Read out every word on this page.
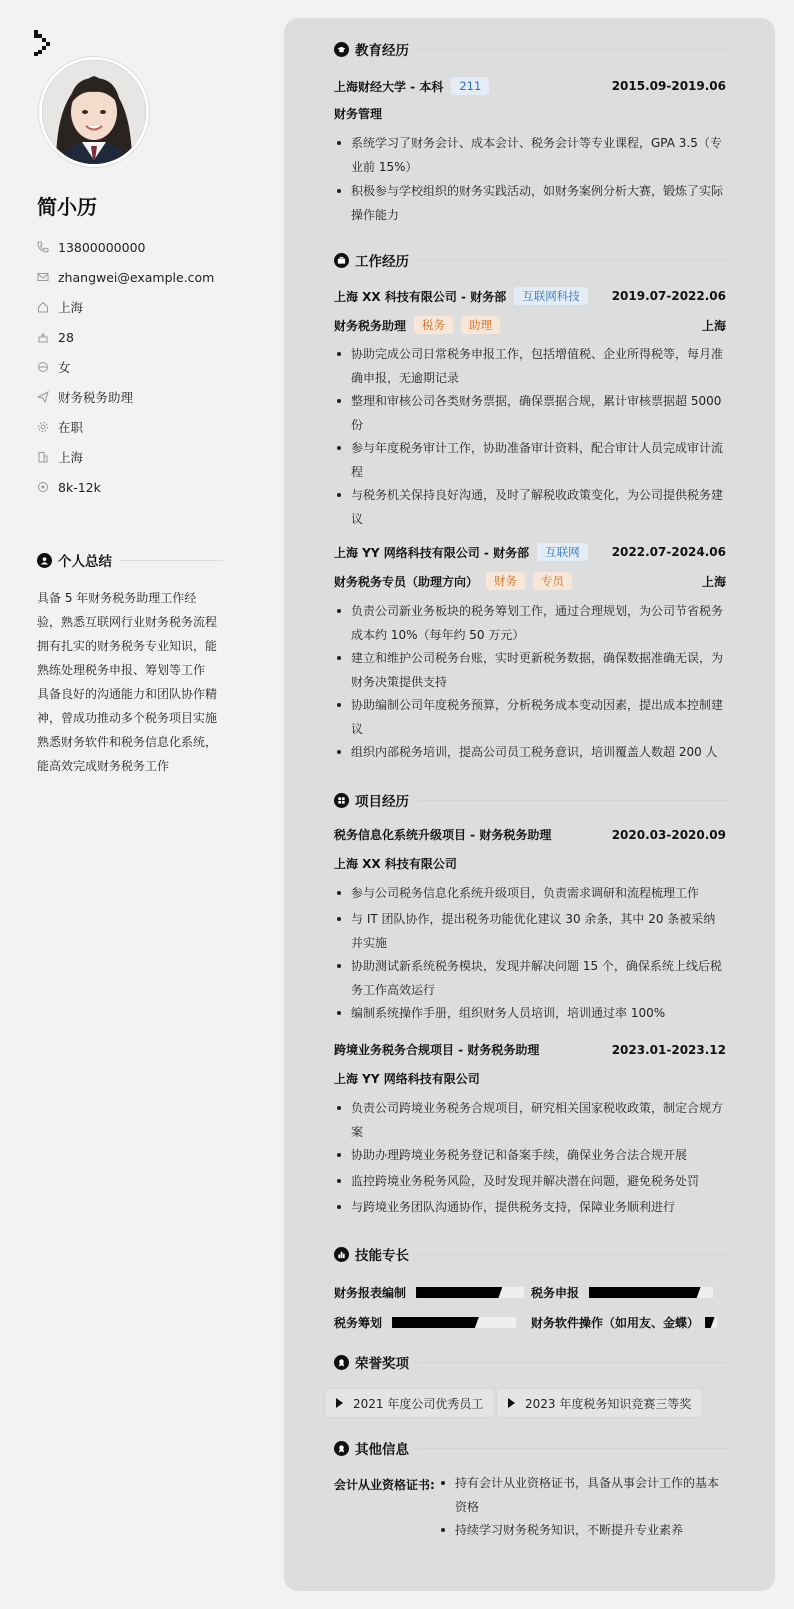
简小历
13800000000
zhangwei@example.com
上海
28
女
财务税务助理
在职
上海
8k-12k
个人总结
具备 5 年财务税务助理工作经验，熟悉互联网行业财务税务流程 拥有扎实的财务税务专业知识，能熟练处理税务申报、筹划等工作 具备良好的沟通能力和团队协作精神，曾成功推动多个税务项目实施 熟悉财务软件和税务信息化系统，能高效完成财务税务工作
教育经历
上海财经大学 - 本科	211	2015.09-2019.06
财务管理
系统学习了财务会计、成本会计、税务会计等专业课程，GPA 3.5（专业前 15%）
积极参与学校组织的财务实践活动，如财务案例分析大赛，锻炼了实际操作能力
工作经历
上海 XX 科技有限公司 - 财务部	互联网科技	2019.07-2022.06
财务税务助理	税务	助理	上海
协助完成公司日常税务申报工作，包括增值税、企业所得税等，每月准确申报，无逾期记录
整理和审核公司各类财务票据，确保票据合规，累计审核票据超 5000 份
参与年度税务审计工作，协助准备审计资料，配合审计人员完成审计流程
与税务机关保持良好沟通，及时了解税收政策变化，为公司提供税务建议
上海 YY 网络科技有限公司 - 财务部	互联网	2022.07-2024.06
财务税务专员（助理方向）	财务	专员	上海
负责公司新业务板块的税务筹划工作，通过合理规划，为公司节省税务成本约 10%（每年约 50 万元）
建立和维护公司税务台账，实时更新税务数据，确保数据准确无误，为财务决策提供支持
协助编制公司年度税务预算，分析税务成本变动因素，提出成本控制建议
组织内部税务培训，提高公司员工税务意识，培训覆盖人数超 200 人
项目经历
税务信息化系统升级项目 - 财务税务助理	2020.03-2020.09
上海 XX 科技有限公司
参与公司税务信息化系统升级项目，负责需求调研和流程梳理工作
与 IT 团队协作，提出税务功能优化建议 30 余条，其中 20 条被采纳并实施
协助测试新系统税务模块，发现并解决问题 15 个，确保系统上线后税务工作高效运行
编制系统操作手册，组织财务人员培训，培训通过率 100%
跨境业务税务合规项目 - 财务税务助理	2023.01-2023.12
上海 YY 网络科技有限公司
负责公司跨境业务税务合规项目，研究相关国家税收政策，制定合规方案
协助办理跨境业务税务登记和备案手续，确保业务合法合规开展
监控跨境业务税务风险，及时发现并解决潜在问题，避免税务处罚
与跨境业务团队沟通协作，提供税务支持，保障业务顺利进行
技能专长
财务报表编制	税务申报
税务筹划	财务软件操作（如用友、金蝶）
荣誉奖项
2021 年度公司优秀员工	2023 年度税务知识竞赛三等奖
其他信息
会计从业资格证书:	持有会计从业资格证书，具备从事会计工作的基本资格
持续学习财务税务知识，不断提升专业素养
